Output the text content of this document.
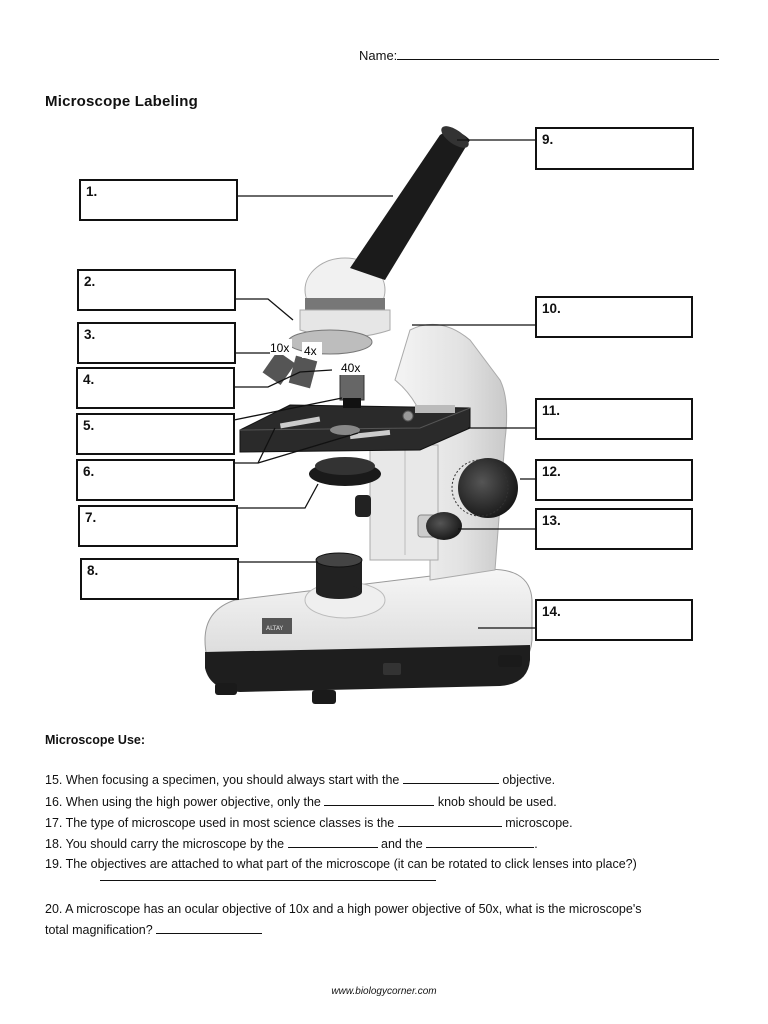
Name:
Microscope Labeling
ALTAY
10x 4x
40x
1.
2.
3.
4.
5.
6.
7.
8.
9.
10.
11.
12.
13.
14.
Microscope Use:
15. When focusing a specimen, you should always start with the	objective.
16. When using the high power objective, only the	knob should be used.
17. The type of microscope used in most science classes is the	microscope.
18. You should carry the microscope by the	and the	.
19. The objectives are attached to what part of the microscope (it can be rotated to click lenses into place?)
20. A microscope has an ocular objective of 10x and a high power objective of 50x, what is the microscope's
total magnification?
www.biologycorner.com
